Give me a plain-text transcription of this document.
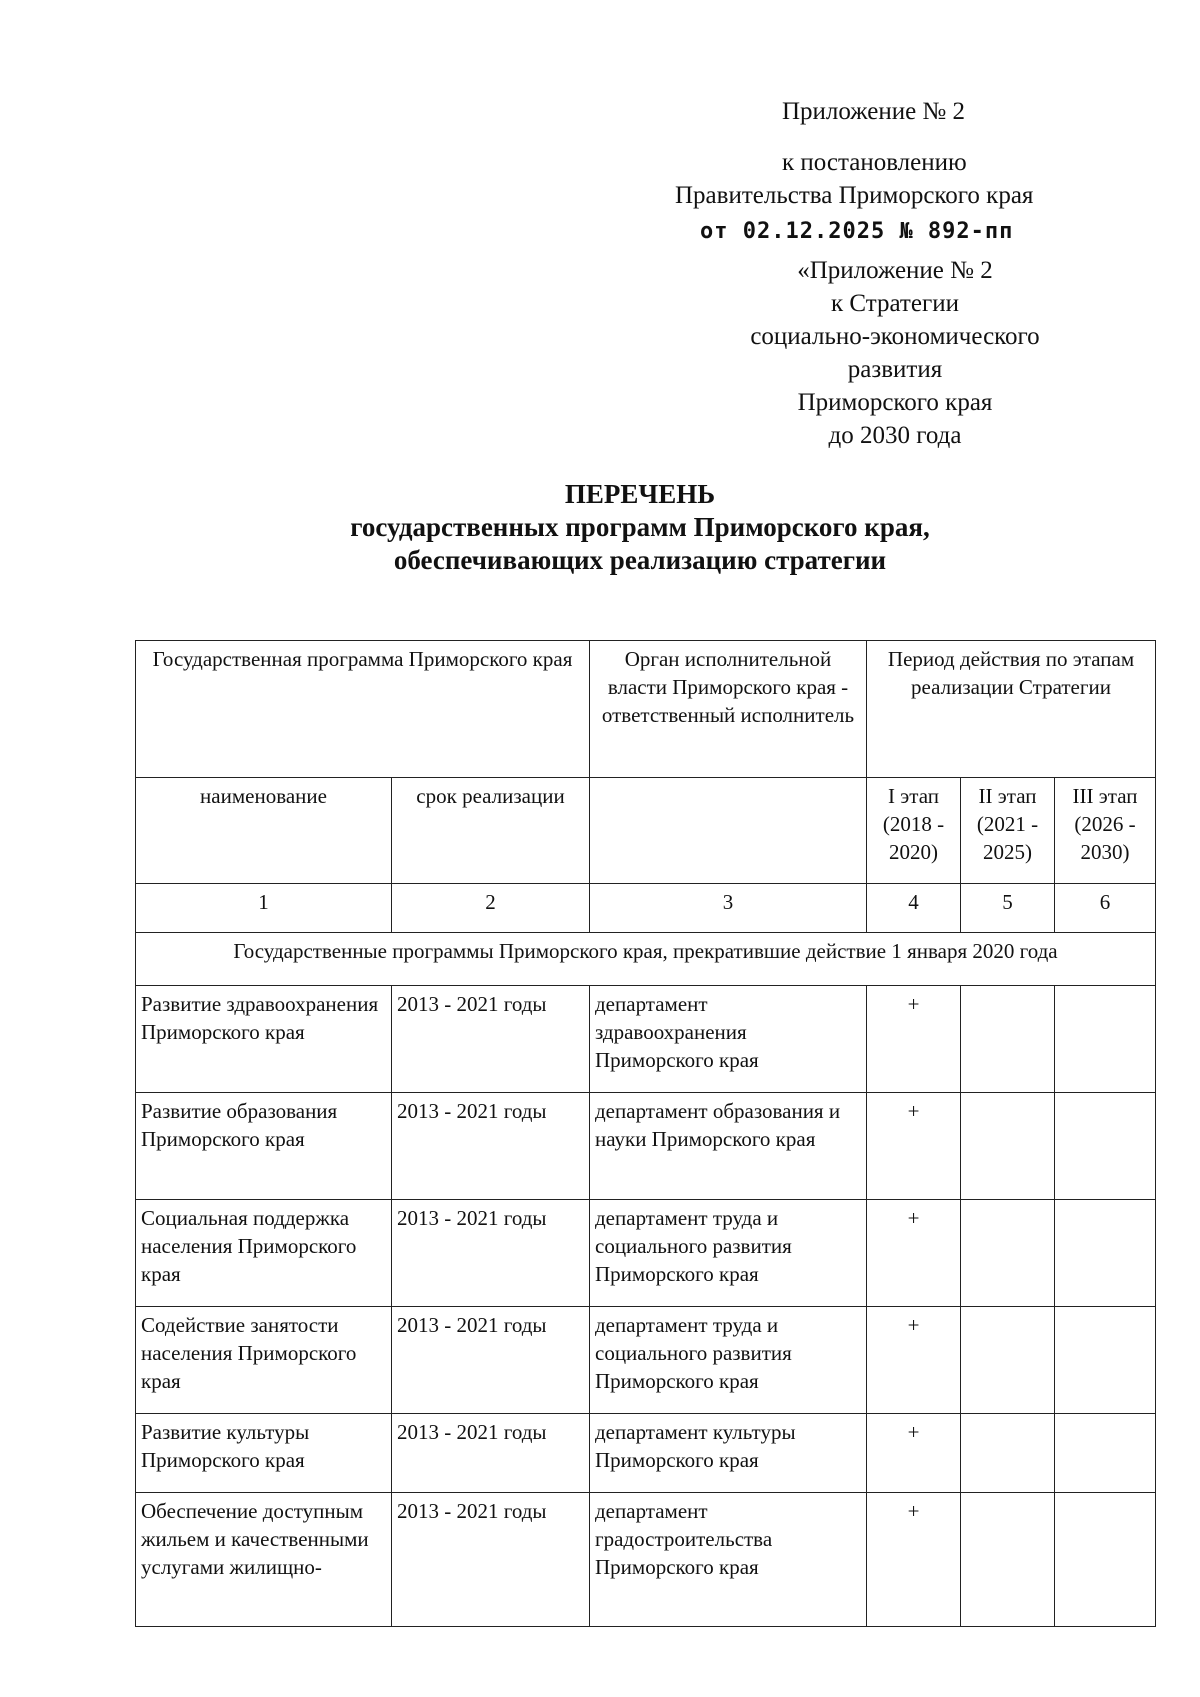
Приложение № 2
к постановлению
Правительства Приморского края
от 02.12.2025 № 892-пп
«Приложение № 2
к Стратегии
социально-экономического
развития
Приморского края
до 2030 года
ПЕРЕЧЕНЬ
государственных программ Приморского края,
обеспечивающих реализацию стратегии
Государственная программа Приморского края		Орган исполнительной власти Приморского края - ответственный исполнитель	Период действия по этапам реализации Стратегии		
наименование	срок реализации		I этап (2018 - 2020)	II этап (2021 - 2025)	III этап (2026 - 2030)
1	2	3	4	5	6
Государственные программы Приморского края, прекратившие действие 1 января 2020 года					
Развитие здравоохранения Приморского края	2013 - 2021 годы	департамент здравоохранения Приморского края	+		
Развитие образования Приморского края	2013 - 2021 годы	департамент образования и науки Приморского края	+		
Социальная поддержка населения Приморского края	2013 - 2021 годы	департамент труда и социального развития Приморского края	+		
Содействие занятости населения Приморского края	2013 - 2021 годы	департамент труда и социального развития Приморского края	+		
Развитие культуры Приморского края	2013 - 2021 годы	департамент культуры Приморского края	+		
Обеспечение доступным жильем и качественными услугами жилищно-	2013 - 2021 годы	департамент градостроительства Приморского края	+		
